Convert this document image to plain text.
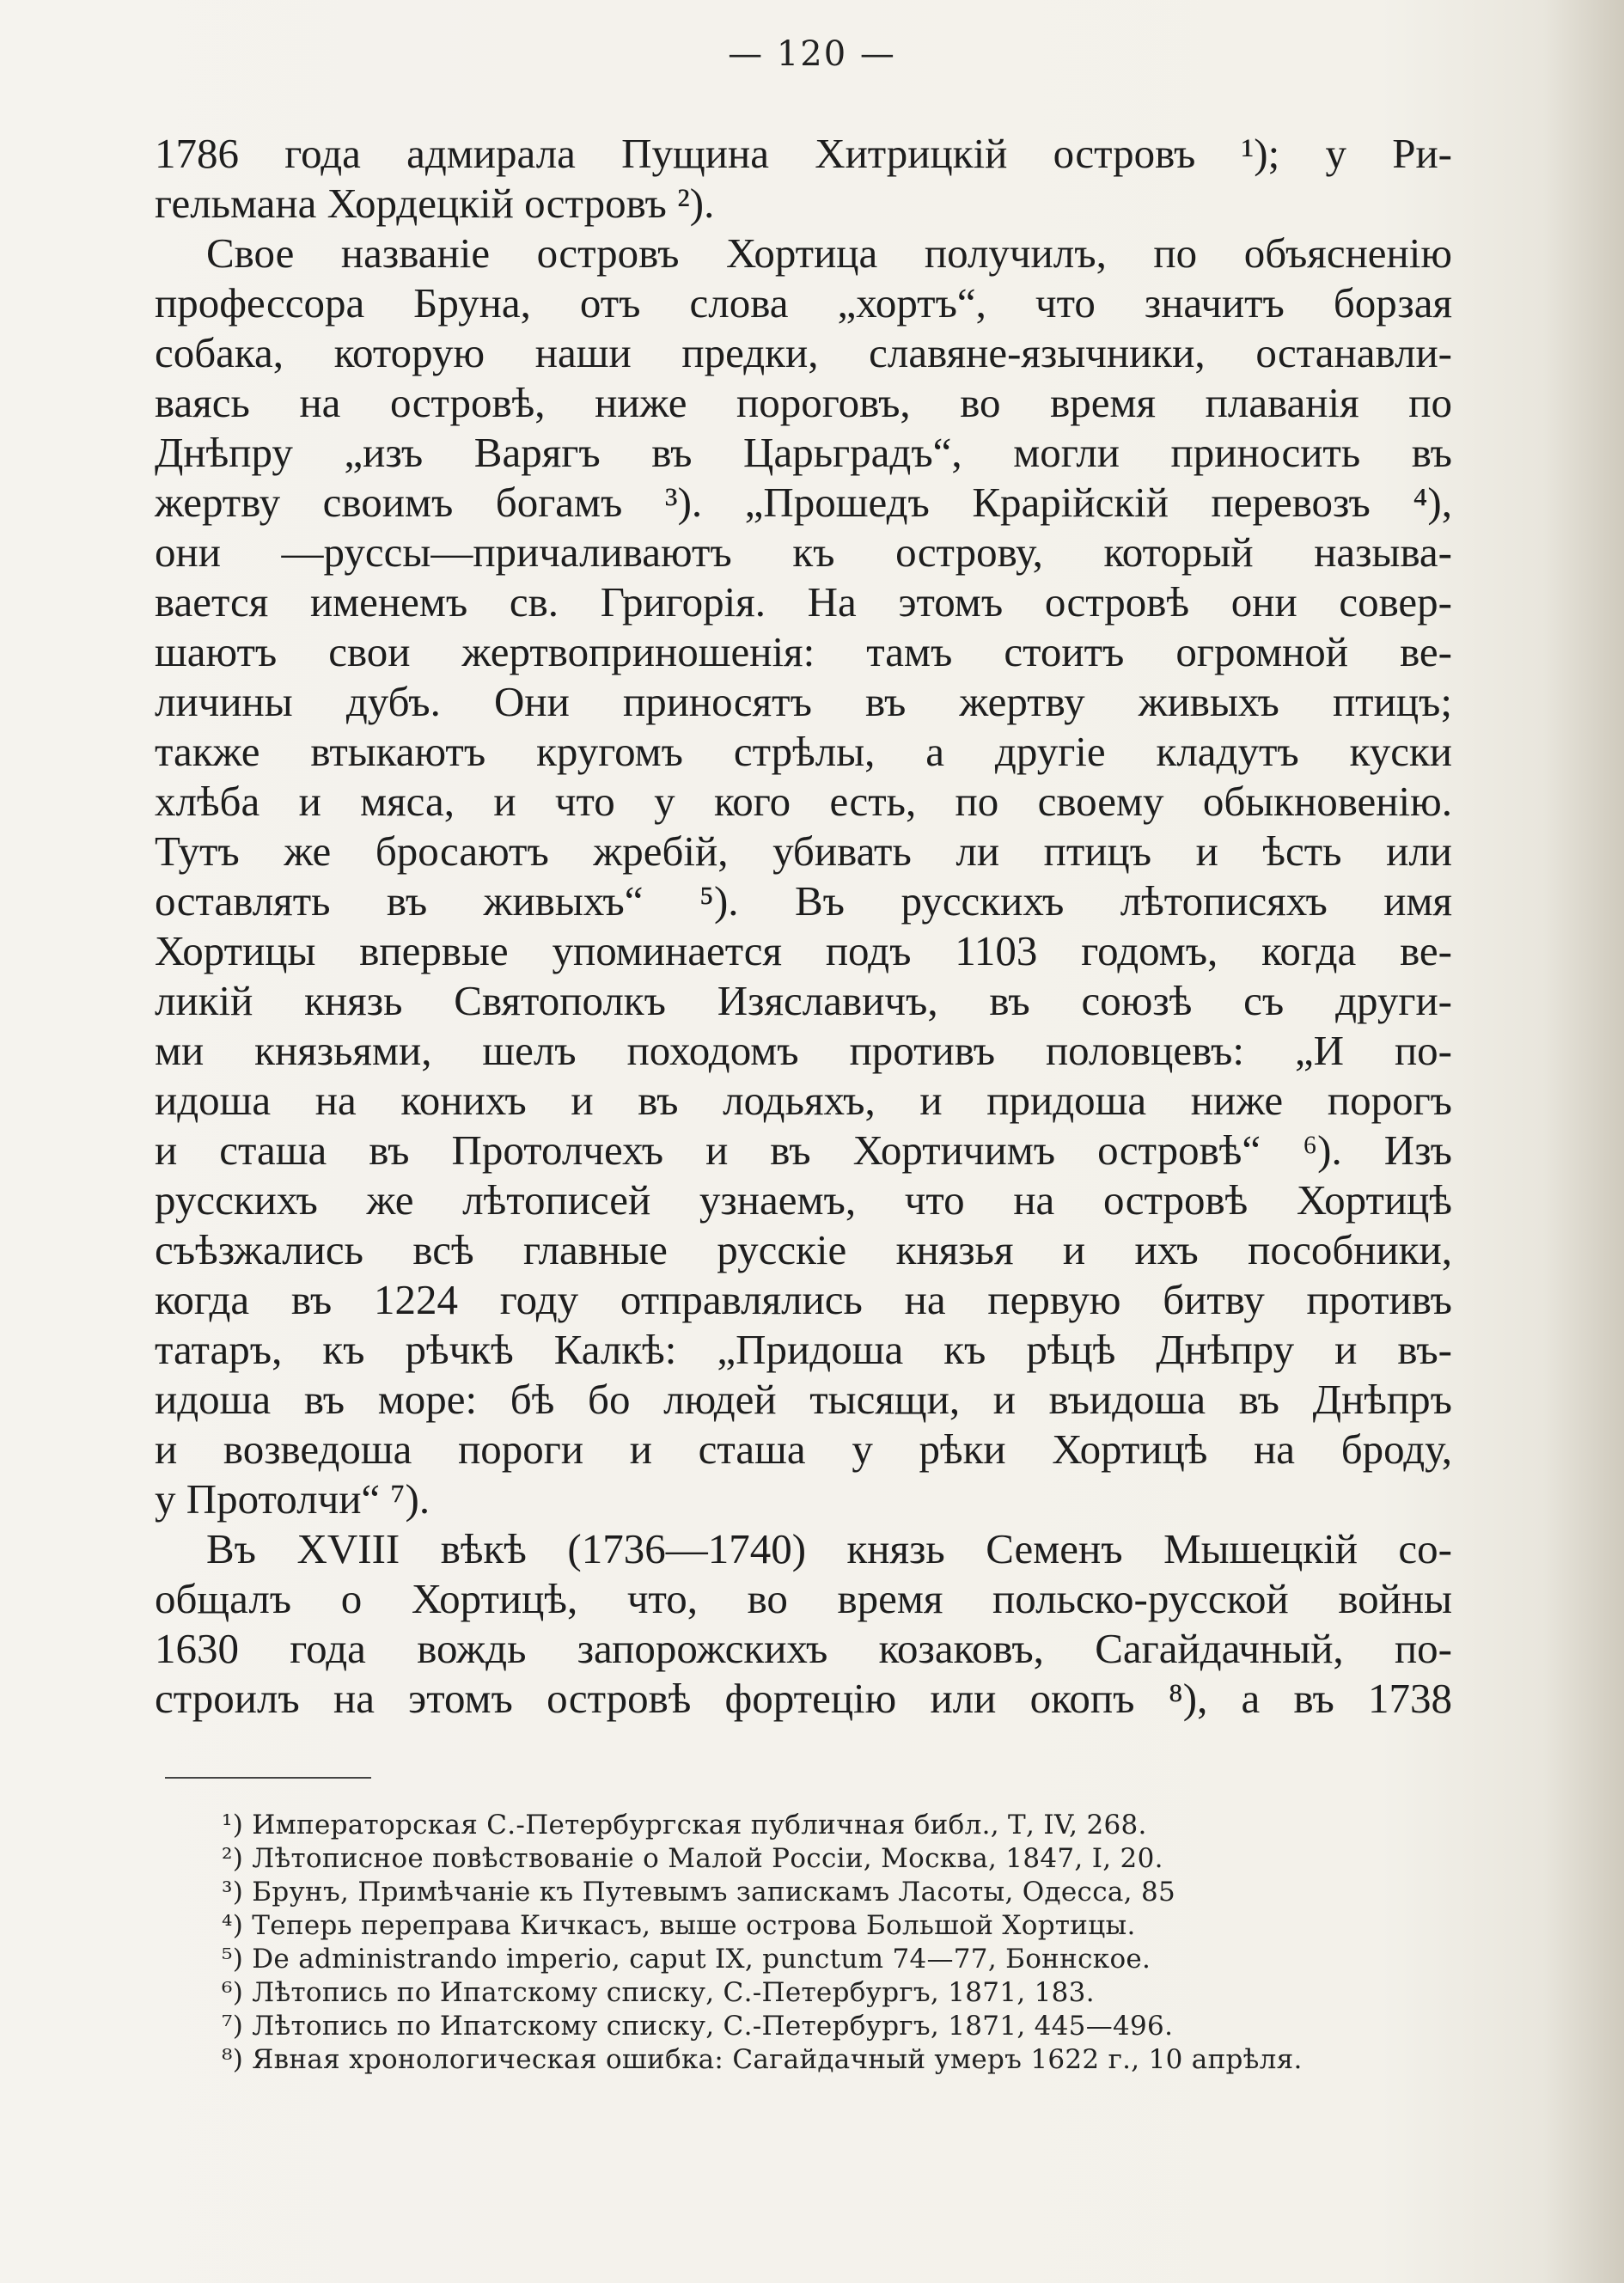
— 120 —
1786 года адмирала Пущина Хитрицкій островъ ¹); у Ри-
гельмана Хордецкій островъ ²).
Свое названіе островъ Хортица получилъ, по объясненію
профессора Бруна, отъ слова „хортъ“, что значитъ борзая
собака, которую наши предки, славяне-язычники, останавли-
ваясь на островѣ, ниже пороговъ, во время плаванія по
Днѣпру „изъ Варягъ въ Царьградъ“, могли приносить въ
жертву своимъ богамъ ³). „Прошедъ Крарійскій перевозъ ⁴),
они —руссы—причаливаютъ къ острову, который называ-
вается именемъ св. Григорія. На этомъ островѣ они совер-
шаютъ свои жертвоприношенія: тамъ стоитъ огромной ве-
личины дубъ. Они приносятъ въ жертву живыхъ птицъ;
также втыкаютъ кругомъ стрѣлы, а другіе кладутъ куски
хлѣба и мяса, и что у кого есть, по своему обыкновенію.
Тутъ же бросаютъ жребій, убивать ли птицъ и ѣсть или
оставлять въ живыхъ“ ⁵). Въ русскихъ лѣтописяхъ имя
Хортицы впервые упоминается подъ 1103 годомъ, когда ве-
ликій князь Святополкъ Изяславичъ, въ союзѣ съ други-
ми князьями, шелъ походомъ противъ половцевъ: „И по-
идоша на конихъ и въ лодьяхъ, и придоша ниже порогъ
и сташа въ Протолчехъ и въ Хортичимъ островѣ“ ⁶). Изъ
русскихъ же лѣтописей узнаемъ, что на островѣ Хортицѣ
съѣзжались всѣ главные русскіе князья и ихъ пособники,
когда въ 1224 году отправлялись на первую битву противъ
татаръ, къ рѣчкѣ Калкѣ: „Придоша къ рѣцѣ Днѣпру и въ-
идоша въ море: бѣ бо людей тысящи, и въидоша въ Днѣпръ
и возведоша пороги и сташа у рѣки Хортицѣ на броду,
у Протолчи“ ⁷).
Въ XVIII вѣкѣ (1736—1740) князь Семенъ Мышецкій со-
общалъ о Хортицѣ, что, во время польско-русской войны
1630 года вождь запорожскихъ козаковъ, Сагайдачный, по-
строилъ на этомъ островѣ фортецію или окопъ ⁸), а въ 1738
¹) Императорская С.-Петербургская публичная библ., Т, IV, 268.
²) Лѣтописное повѣствованіе о Малой Россіи, Москва, 1847, I, 20.
³) Брунъ, Примѣчаніе къ Путевымъ запискамъ Ласоты, Одесса, 85
⁴) Теперь переправа Кичкасъ, выше острова Большой Хортицы.
⁵) De administrando imperio, caput IX, punctum 74—77, Боннское.
⁶) Лѣтопись по Ипатскому списку, С.-Петербургъ, 1871, 183.
⁷) Лѣтопись по Ипатскому списку, С.-Петербургъ, 1871, 445—496.
⁸) Явная хронологическая ошибка: Сагайдачный умеръ 1622 г., 10 апрѣля.
